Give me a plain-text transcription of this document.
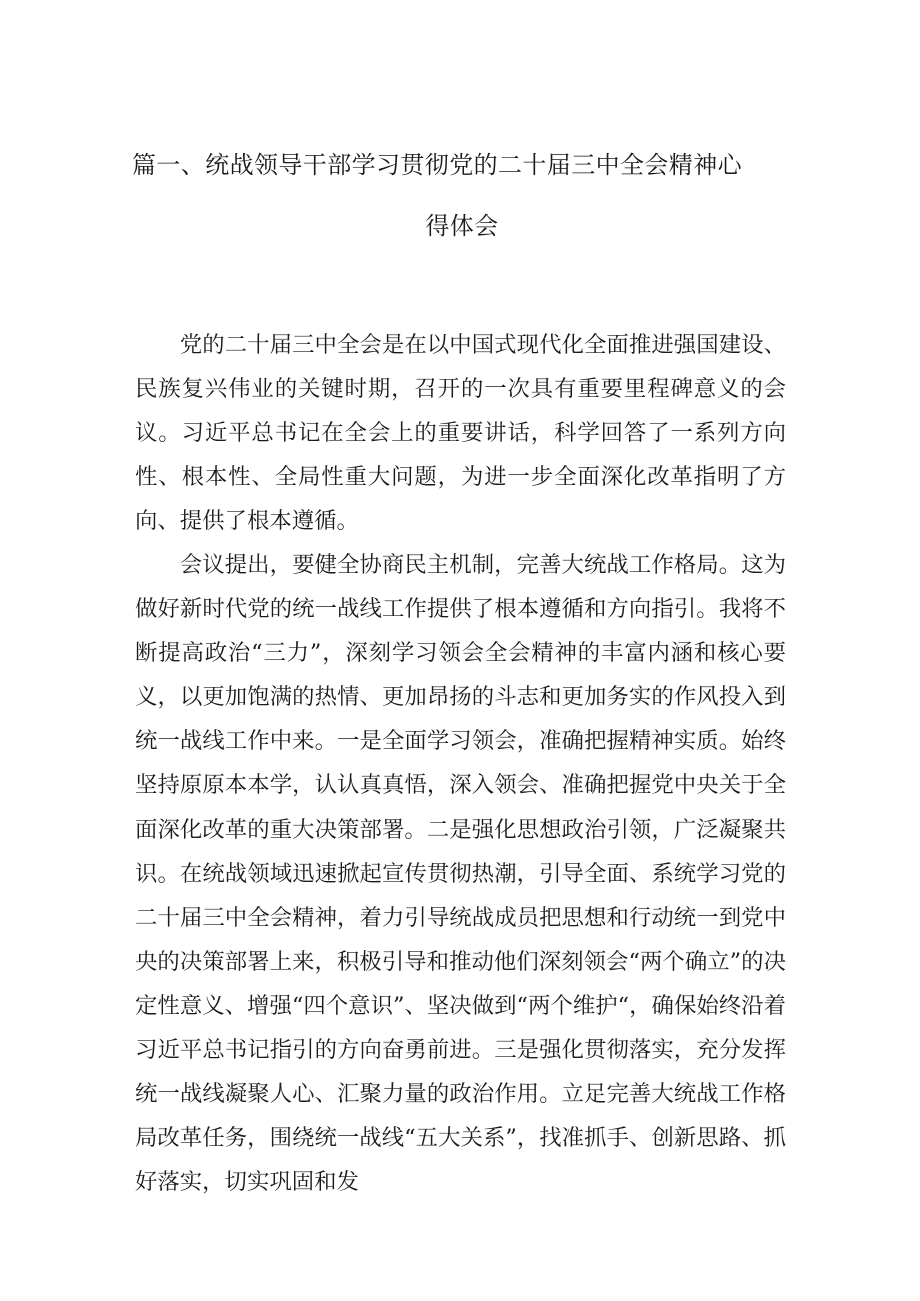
篇一、统战领导干部学习贯彻党的二十届三中全会精神心
得体会

党的二十届三中全会是在以中国式现代化全面推进强国建设、民族复兴伟业的关键时期，召开的一次具有重要里程碑意义的会议。习近平总书记在全会上的重要讲话，科学回答了一系列方向性、根本性、全局性重大问题，为进一步全面深化改革指明了方向、提供了根本遵循。

会议提出，要健全协商民主机制，完善大统战工作格局。这为做好新时代党的统一战线工作提供了根本遵循和方向指引。我将不断提高政治“三力”，深刻学习领会全会精神的丰富内涵和核心要义，以更加饱满的热情、更加昂扬的斗志和更加务实的作风投入到统一战线工作中来。一是全面学习领会，准确把握精神实质。始终坚持原原本本学，认认真真悟，深入领会、准确把握党中央关于全面深化改革的重大决策部署。二是强化思想政治引领，广泛凝聚共识。在统战领域迅速掀起宣传贯彻热潮，引导全面、系统学习党的二十届三中全会精神，着力引导统战成员把思想和行动统一到党中央的决策部署上来，积极引导和推动他们深刻领会“两个确立”的决定性意义、增强“四个意识”、坚决做到“两个维护“，确保始终沿着习近平总书记指引的方向奋勇前进。三是强化贯彻落实，充分发挥统一战线凝聚人心、汇聚力量的政治作用。立足完善大统战工作格局改革任务，围绕统一战线“五大关系”，找准抓手、创新思路、抓好落实，切实巩固和发
